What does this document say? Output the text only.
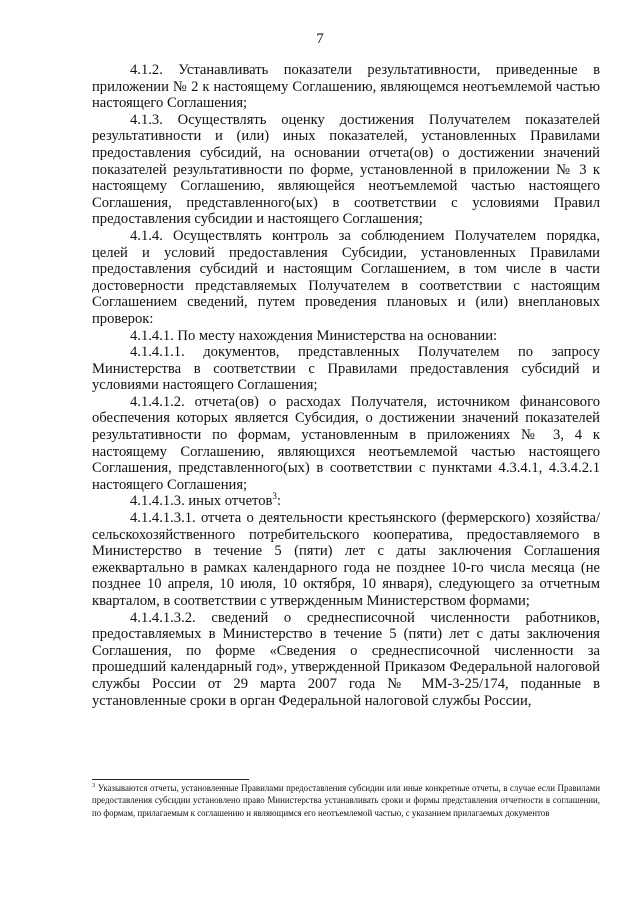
7

4.1.2. Устанавливать показатели результативности, приведенные в приложении № 2 к настоящему Соглашению, являющемся неотъемлемой частью настоящего Соглашения;

4.1.3. Осуществлять оценку достижения Получателем показателей результативности и (или) иных показателей, установленных Правилами предоставления субсидий, на основании отчета(ов) о достижении значений показателей результативности по форме, установленной в приложении № 3 к настоящему Соглашению, являющейся неотъемлемой частью настоящего Соглашения, представленного(ых) в соответствии с условиями Правил предоставления субсидии и настоящего Соглашения;

4.1.4. Осуществлять контроль за соблюдением Получателем порядка, целей и условий предоставления Субсидии, установленных Правилами предоставления субсидий и настоящим Соглашением, в том числе в части достоверности представляемых Получателем в соответствии с настоящим Соглашением сведений, путем проведения плановых и (или) внеплановых проверок:

4.1.4.1. По месту нахождения Министерства на основании:

4.1.4.1.1. документов, представленных Получателем по запросу Министерства в соответствии с Правилами предоставления субсидий и условиями настоящего Соглашения;

4.1.4.1.2. отчета(ов) о расходах Получателя, источником финансового обеспечения которых является Субсидия, о достижении значений показателей результативности по формам, установленным в приложениях № 3, 4 к настоящему Соглашению, являющихся неотъемлемой частью настоящего Соглашения, представленного(ых) в соответствии с пунктами 4.3.4.1, 4.3.4.2.1 настоящего Соглашения;

4.1.4.1.3. иных отчетов$^3$:

4.1.4.1.3.1. отчета о деятельности крестьянского (фермерского) хозяйства/сельскохозяйственного потребительского кооператива, предоставляемого в Министерство в течение 5 (пяти) лет с даты заключения Соглашения ежеквартально в рамках календарного года не позднее 10-го числа месяца (не позднее 10 апреля, 10 июля, 10 октября, 10 января), следующего за отчетным кварталом, в соответствии с утвержденным Министерством формами;

4.1.4.1.3.2. сведений о среднесписочной численности работников, предоставляемых в Министерство в течение 5 (пяти) лет с даты заключения Соглашения, по форме «Сведения о среднесписочной численности за прошедший календарный год», утвержденной Приказом Федеральной налоговой службы России от 29 марта 2007 года № ММ-3-25/174, поданные в установленные сроки в орган Федеральной налоговой службы России,

$^3$ Указываются отчеты, установленные Правилами предоставления субсидии или иные конкретные отчеты, в случае если Правилами предоставления субсидии установлено право Министерства устанавливать сроки и формы представления отчетности в соглашении, по формам, прилагаемым к соглашению и являющимся его неотъемлемой частью, с указанием прилагаемых документов
